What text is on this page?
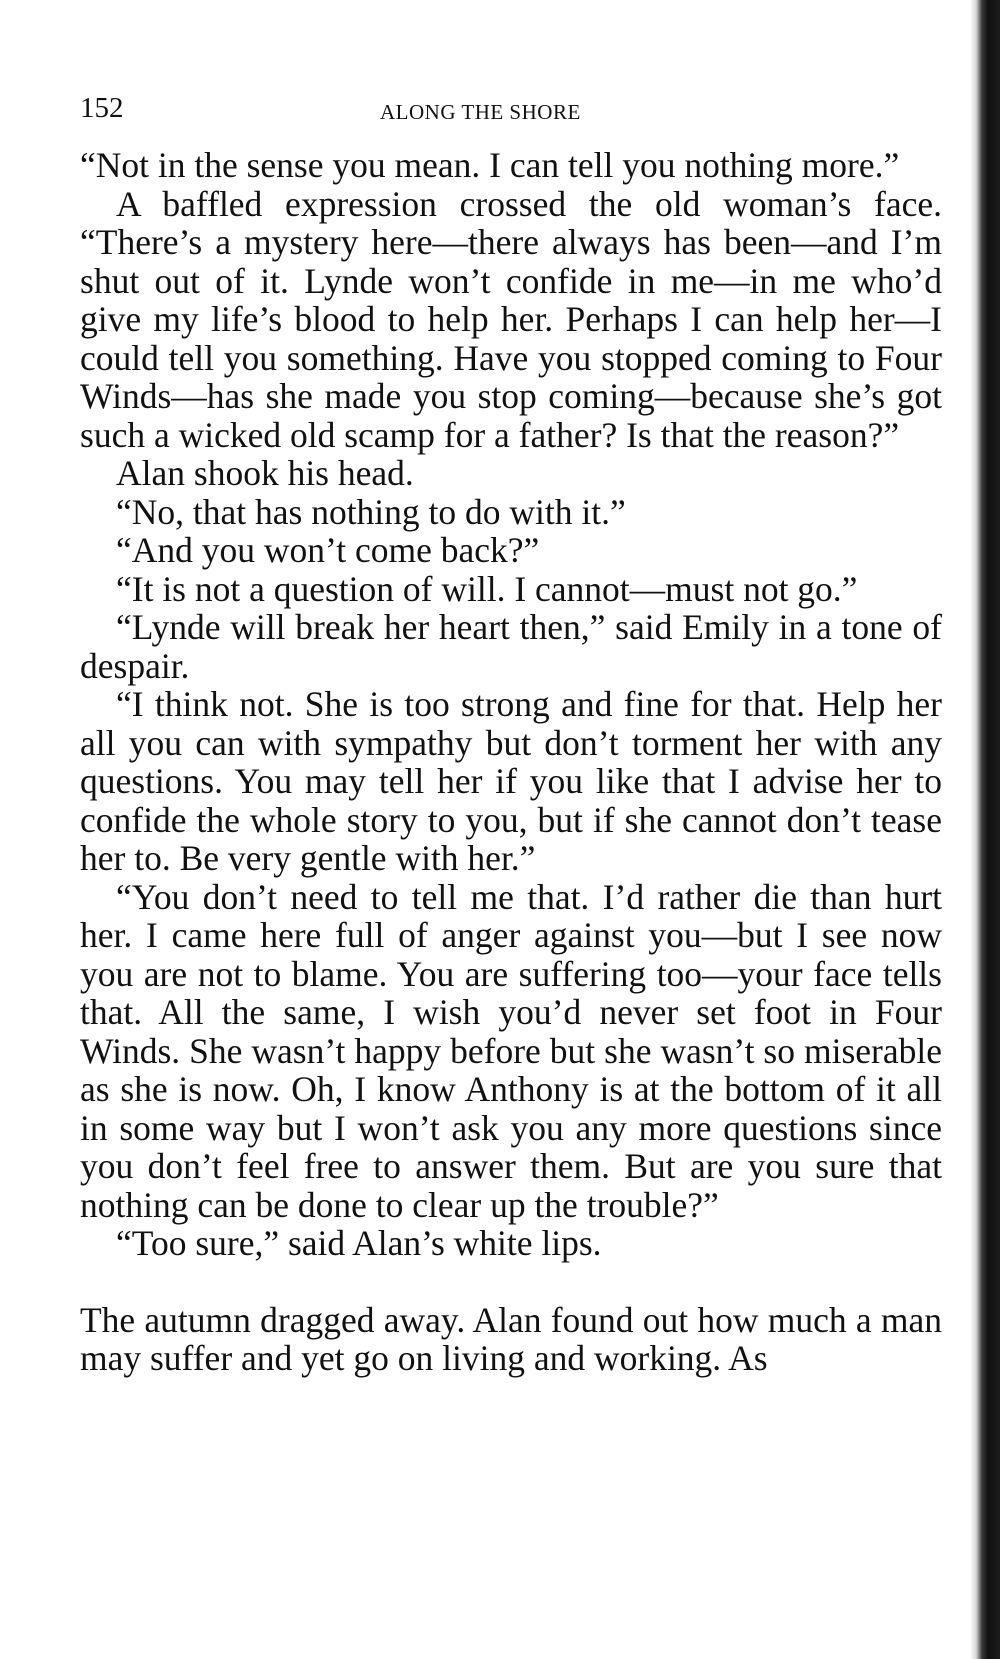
152	ALONG THE SHORE

“Not in the sense you mean. I can tell you nothing more.”

A baffled expression crossed the old woman’s face. “There’s a mystery here—there always has been—and I’m shut out of it. Lynde won’t confide in me—in me who’d give my life’s blood to help her. Perhaps I can help her—I could tell you something. Have you stopped coming to Four Winds—has she made you stop coming—because she’s got such a wicked old scamp for a father? Is that the reason?”

Alan shook his head.

“No, that has nothing to do with it.”

“And you won’t come back?”

“It is not a question of will. I cannot—must not go.”

“Lynde will break her heart then,” said Emily in a tone of despair.

“I think not. She is too strong and fine for that. Help her all you can with sympathy but don’t torment her with any questions. You may tell her if you like that I advise her to confide the whole story to you, but if she cannot don’t tease her to. Be very gentle with her.”

“You don’t need to tell me that. I’d rather die than hurt her. I came here full of anger against you—but I see now you are not to blame. You are suffering too—your face tells that. All the same, I wish you’d never set foot in Four Winds. She wasn’t happy before but she wasn’t so miserable as she is now. Oh, I know Anthony is at the bottom of it all in some way but I won’t ask you any more questions since you don’t feel free to answer them. But are you sure that nothing can be done to clear up the trouble?”

“Too sure,” said Alan’s white lips.

The autumn dragged away. Alan found out how much a man may suffer and yet go on living and working. As
